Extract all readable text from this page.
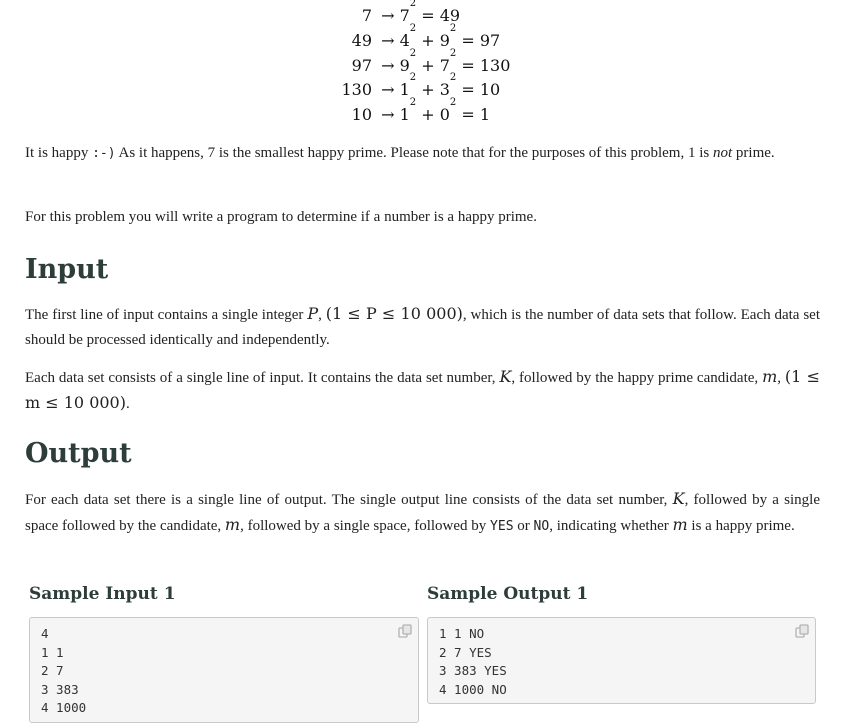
7 → 7
2
= 49
49 → 4
2
+ 9
2
= 97
97 → 9
2
+ 7
2
= 130
130 → 1
2
+ 3
2
= 10
10 → 1
2
+ 0
2
= 1

It is happy :-) As it happens, 7 is the smallest happy prime. Please note that for the purposes of this problem, 1 is not prime.

For this problem you will write a program to determine if a number is a happy prime.

Input

The first line of input contains a single integer P, (1 ≤ P ≤ 10 000), which is the number of data sets that follow. Each data set should be processed identically and independently.

Each data set consists of a single line of input. It contains the data set number, K, followed by the happy prime candidate, m, (1 ≤ m ≤ 10 000).

Output

For each data set there is a single line of output. The single output line consists of the data set number, K, followed by a single space followed by the candidate, m, followed by a single space, followed by YES or NO, indicating whether m is a happy prime.

Sample Input 1	Sample Output 1
4
1 1
2 7
3 383
4 1000
1 1 NO
2 7 YES
3 383 YES
4 1000 NO
